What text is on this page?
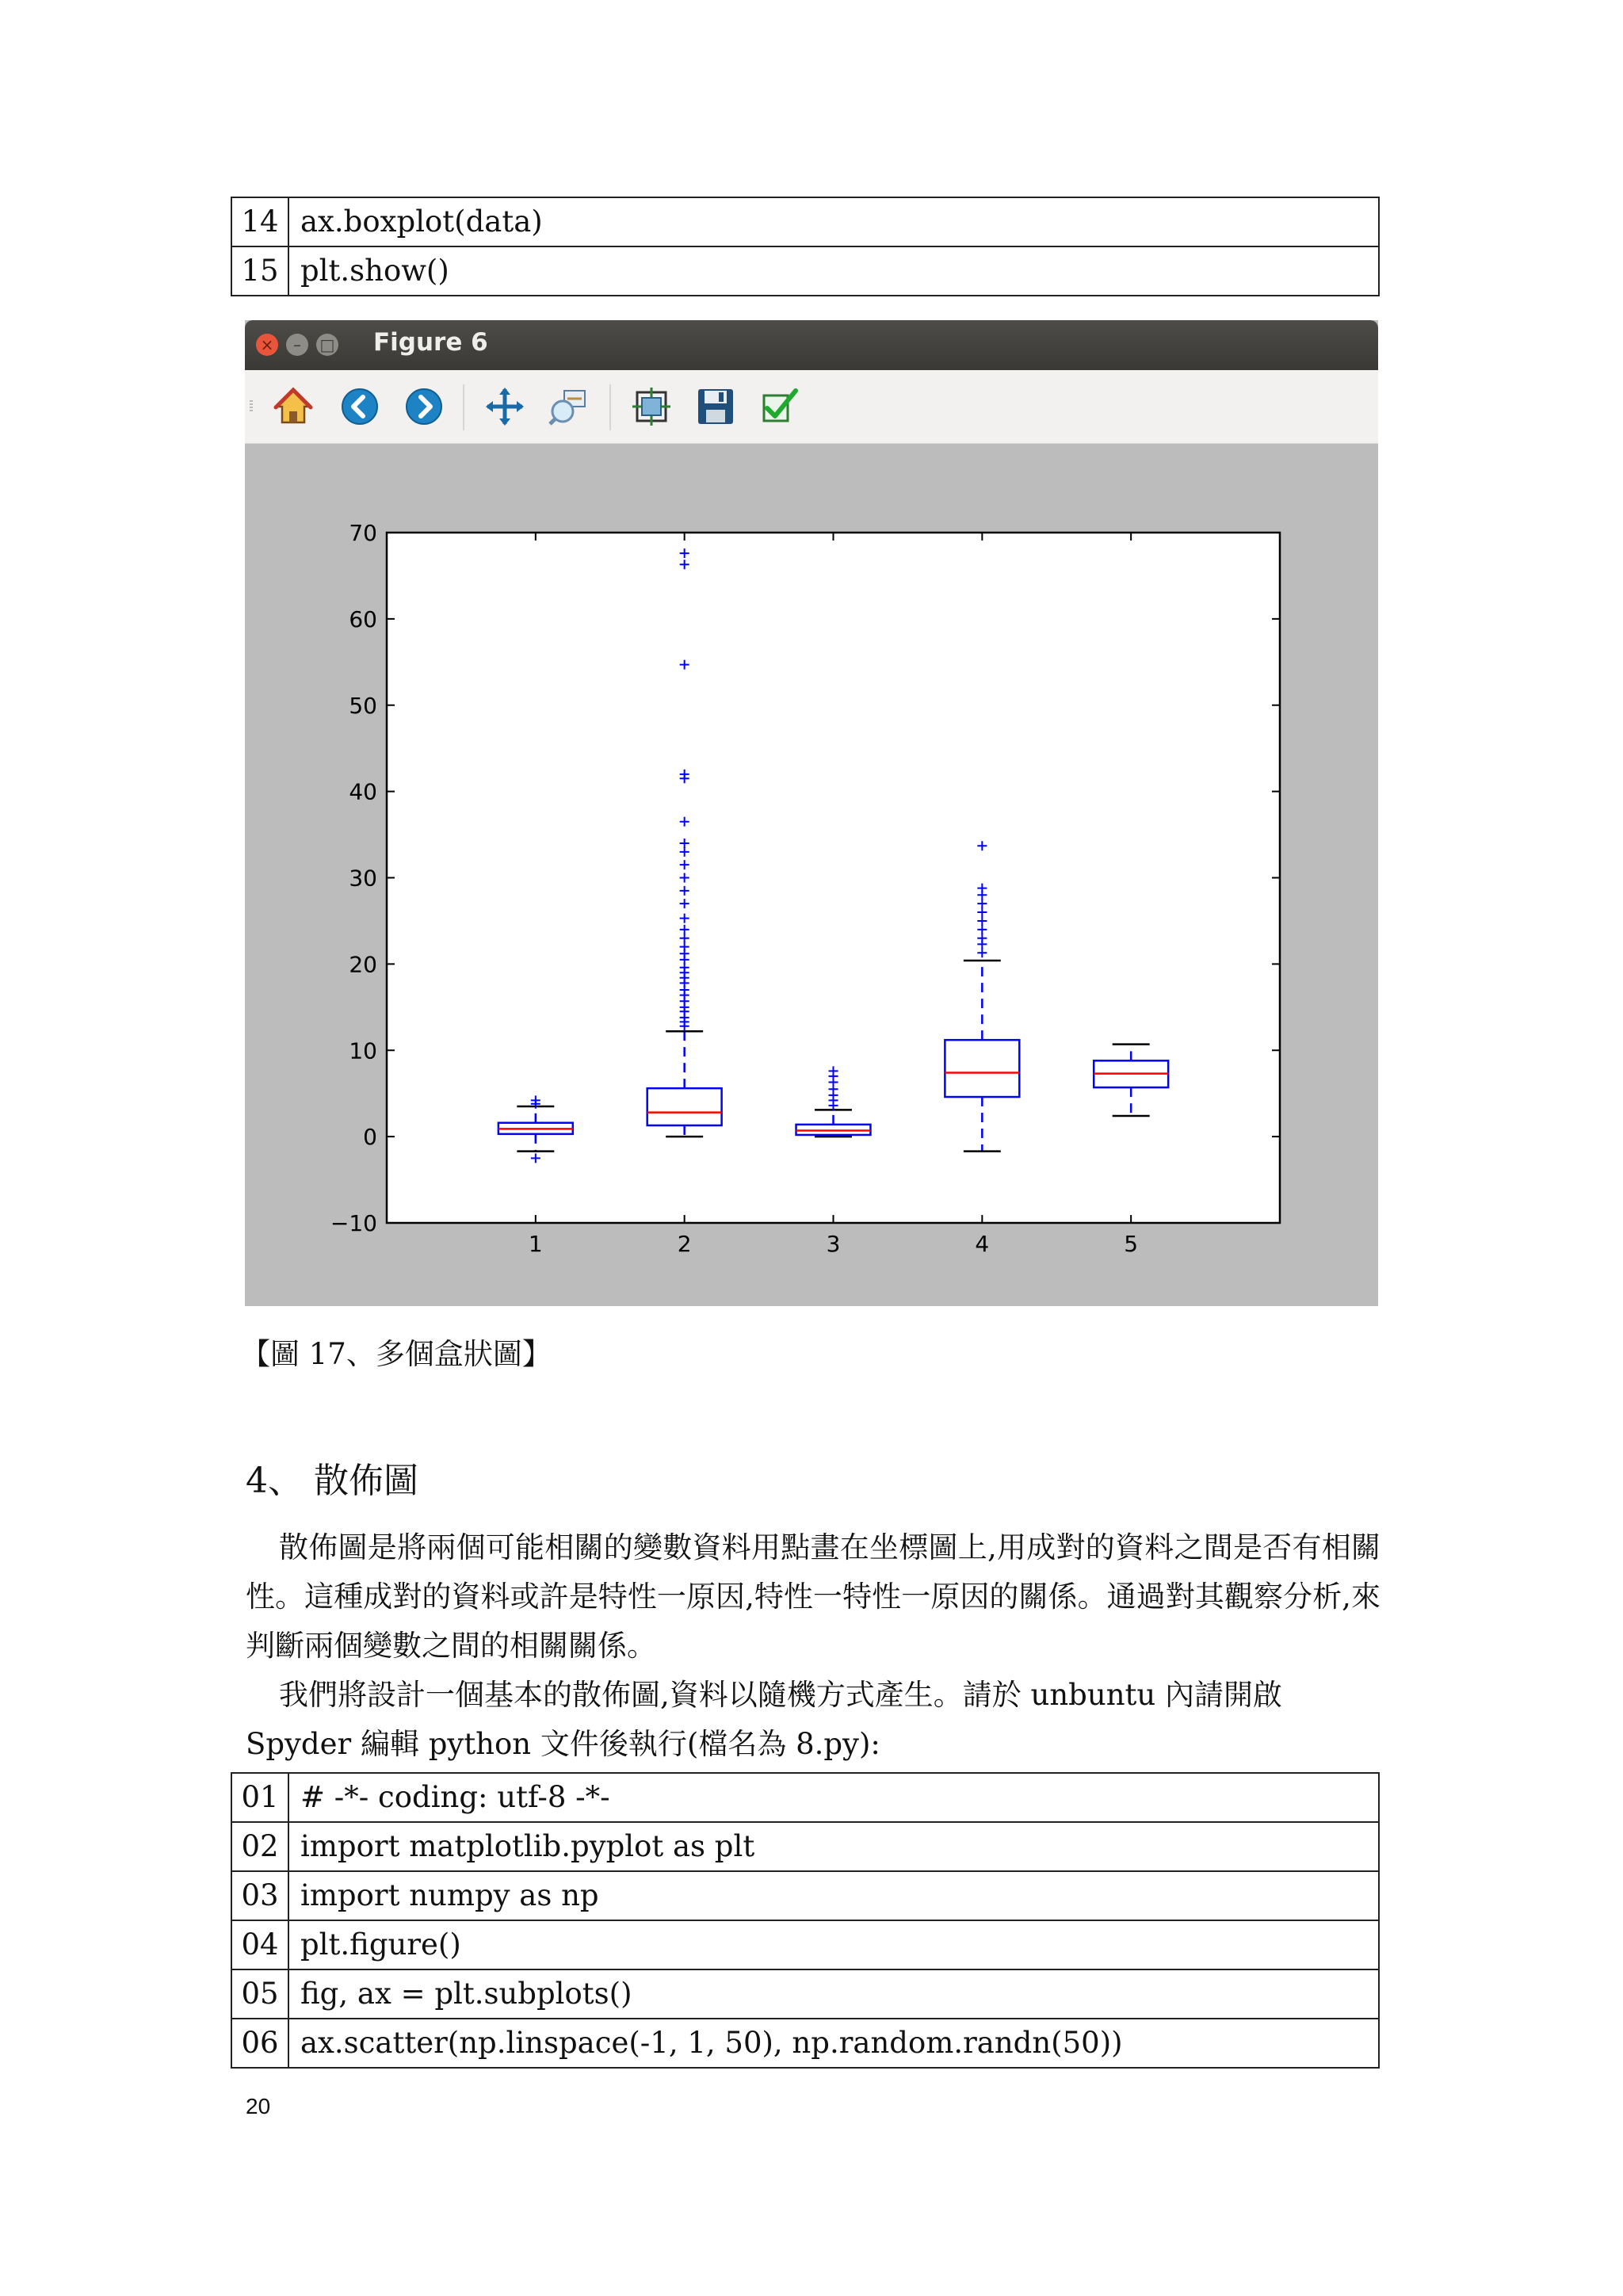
14	ax.boxplot(data)
15	plt.show()
×	–	□ Figure 6
70
60
50
40
30
20
10
0
−10
1	2	3	4	5
【圖 17、多個盒狀圖】
4、 散佈圖
散佈圖是將兩個可能相關的變數資料用點畫在坐標圖上,用成對的資料之間是否有相關性。這種成對的資料或許是特性一原因,特性一特性一原因的關係。通過對其觀察分析,來判斷兩個變數之間的相關關係。
我們將設計一個基本的散佈圖,資料以隨機方式產生。請於 unbuntu 內請開啟 Spyder 編輯 python 文件後執行(檔名為 8.py):
01	# -*- coding: utf-8 -*-
02	import matplotlib.pyplot as plt
03	import numpy as np
04	plt.figure()
05	fig, ax = plt.subplots()
06	ax.scatter(np.linspace(-1, 1, 50), np.random.randn(50))
20
